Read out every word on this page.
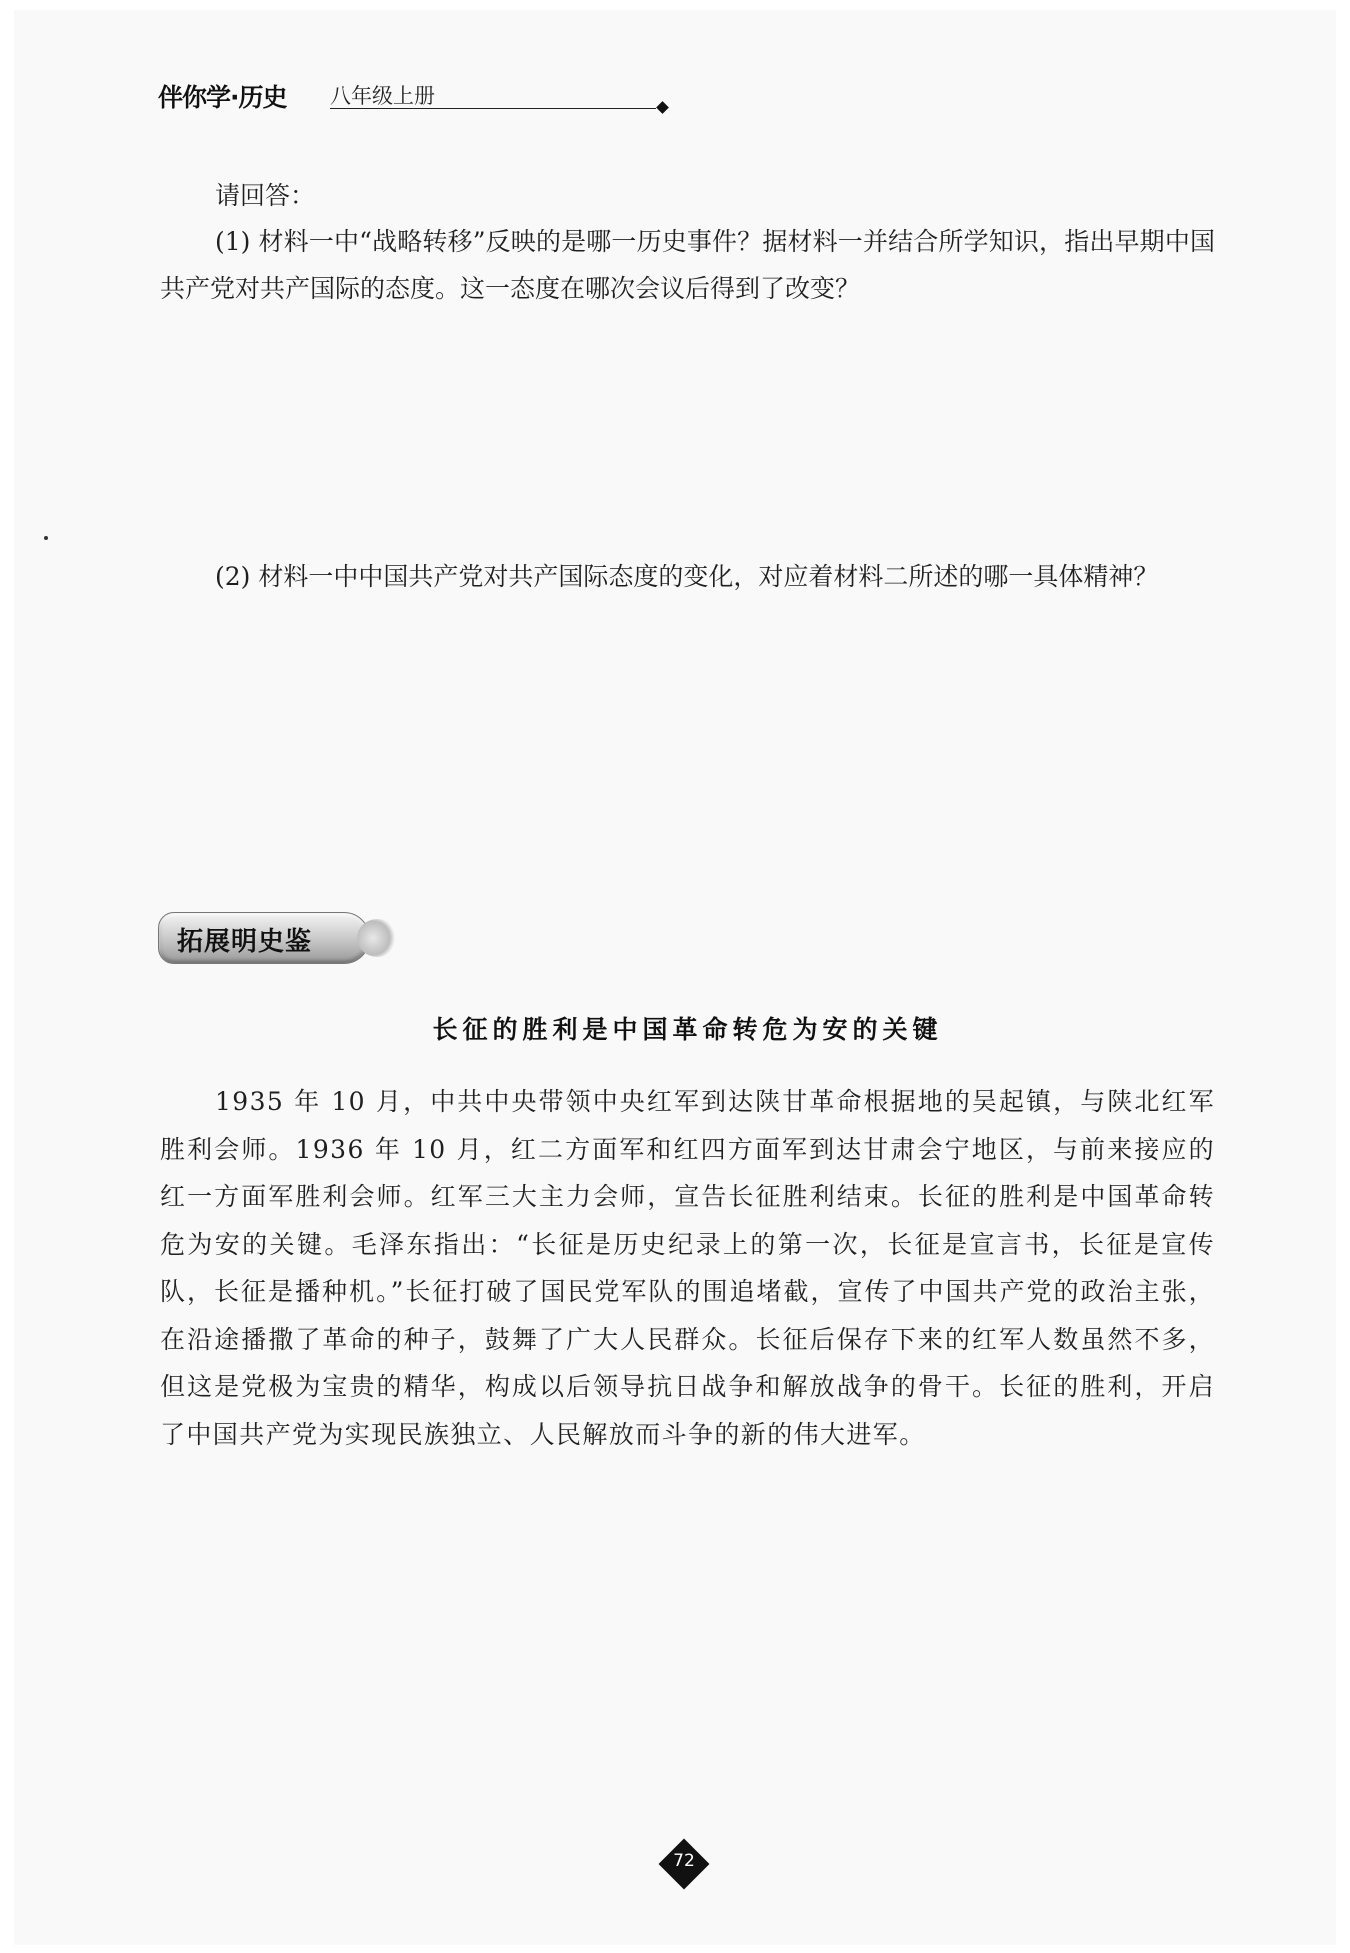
伴你学·历史 八年级上册
请回答：
(1) 材料一中“战略转移”反映的是哪一历史事件？据材料一并结合所学知识，指出早期中国共产党对共产国际的态度。这一态度在哪次会议后得到了改变？
(2) 材料一中中国共产党对共产国际态度的变化，对应着材料二所述的哪一具体精神？
拓展明史鉴
长征的胜利是中国革命转危为安的关键
1935 年 10 月，中共中央带领中央红军到达陕甘革命根据地的吴起镇，与陕北红军胜利会师。1936 年 10 月，红二方面军和红四方面军到达甘肃会宁地区，与前来接应的红一方面军胜利会师。红军三大主力会师，宣告长征胜利结束。长征的胜利是中国革命转危为安的关键。毛泽东指出：“长征是历史纪录上的第一次，长征是宣言书，长征是宣传队，长征是播种机。”长征打破了国民党军队的围追堵截，宣传了中国共产党的政治主张，在沿途播撒了革命的种子，鼓舞了广大人民群众。长征后保存下来的红军人数虽然不多，但这是党极为宝贵的精华，构成以后领导抗日战争和解放战争的骨干。长征的胜利，开启了中国共产党为实现民族独立、人民解放而斗争的新的伟大进军。
72
